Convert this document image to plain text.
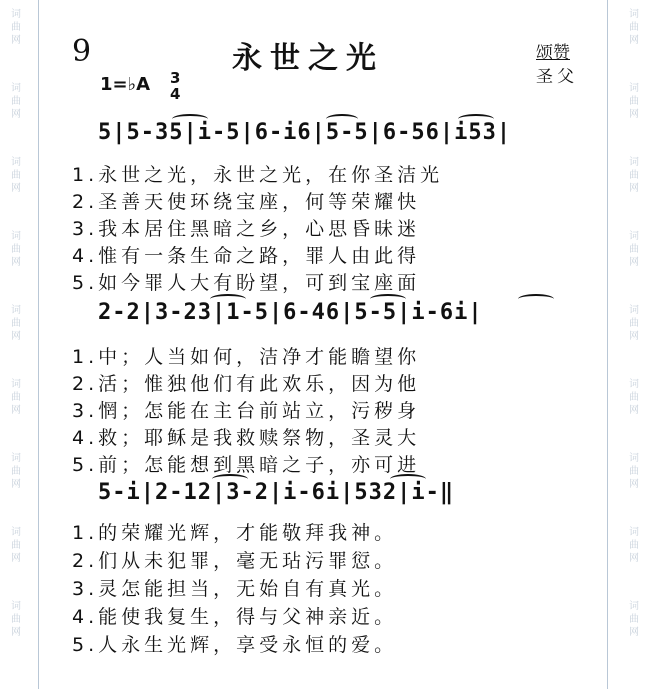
词
曲
网
词
曲
网
词
曲
网
词
曲
网
词
曲
网
词
曲
网
词
曲
网
词
曲
网
词
曲
网
词
曲
网
词
曲
网
词
曲
网
词
曲
网
词
曲
网
词
曲
网
词
曲
网
词
曲
网
词
曲
网
9	永世之光	颂赞
圣父
1=♭A 3
4
5|5-35|i-5|6-i6|5-5|6-56|i53|
1.永世之光，永世之光，在你圣洁光
2.圣善天使环绕宝座，何等荣耀快
3.我本居住黑暗之乡，心思昏昧迷
4.惟有一条生命之路，罪人由此得
5.如今罪人大有盼望，可到宝座面
2-2|3-23|1-5|6-46|5-5|i-6i|
1.中；人当如何，洁净才能瞻望你
2.活；惟独他们有此欢乐，因为他
3.惘；怎能在主台前站立，污秽身
4.救；耶稣是我救赎祭物，圣灵大
5.前；怎能想到黑暗之子，亦可进
5-i|2-12|3-2|i-6i|532|i-‖
1.的荣耀光辉，才能敬拜我神。
2.们从未犯罪，毫无玷污罪愆。
3.灵怎能担当，无始自有真光。
4.能使我复生，得与父神亲近。
5.人永生光辉，享受永恒的爱。
